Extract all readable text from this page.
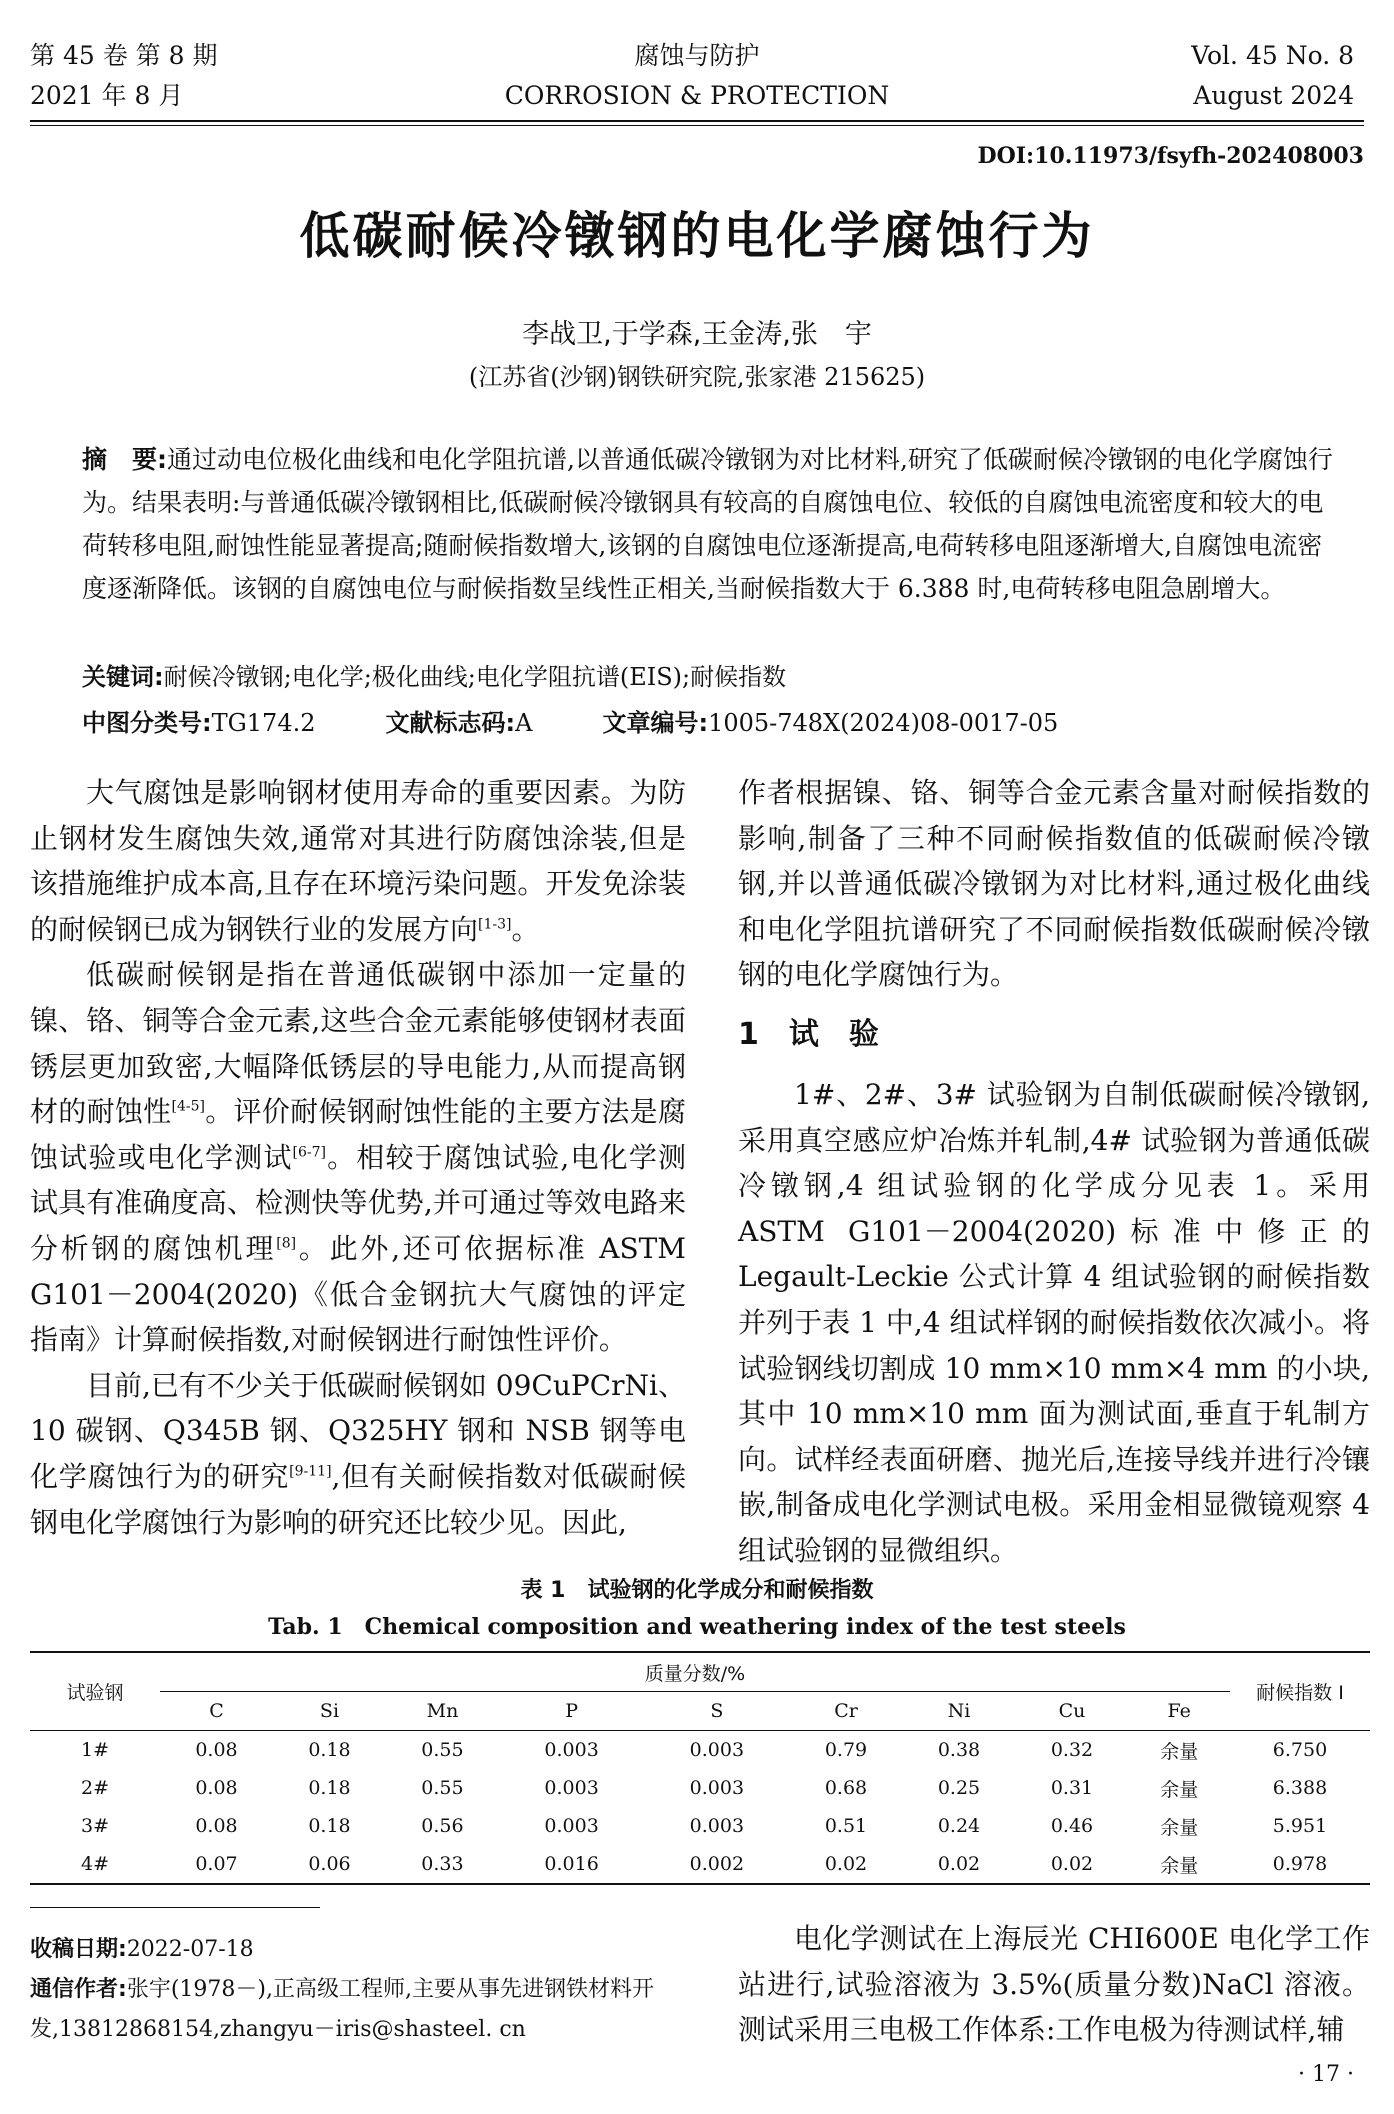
第 45 卷 第 8 期
2021 年 8 月
腐蚀与防护
CORROSION & PROTECTION
Vol. 45 No. 8
August 2024
DOI:10.11973/fsyfh-202408003
低碳耐候冷镦钢的电化学腐蚀行为
李战卫,于学森,王金涛,张　宇
(江苏省(沙钢)钢铁研究院,张家港 215625)
摘　要:通过动电位极化曲线和电化学阻抗谱,以普通低碳冷镦钢为对比材料,研究了低碳耐候冷镦钢的电化学腐蚀行为。结果表明:与普通低碳冷镦钢相比,低碳耐候冷镦钢具有较高的自腐蚀电位、较低的自腐蚀电流密度和较大的电荷转移电阻,耐蚀性能显著提高;随耐候指数增大,该钢的自腐蚀电位逐渐提高,电荷转移电阻逐渐增大,自腐蚀电流密度逐渐降低。该钢的自腐蚀电位与耐候指数呈线性正相关,当耐候指数大于 6.388 时,电荷转移电阻急剧增大。
关键词:耐候冷镦钢;电化学;极化曲线;电化学阻抗谱(EIS);耐候指数
中图分类号:TG174.2	文献标志码:A	文章编号:1005-748X(2024)08-0017-05

大气腐蚀是影响钢材使用寿命的重要因素。为防止钢材发生腐蚀失效,通常对其进行防腐蚀涂装,但是该措施维护成本高,且存在环境污染问题。开发免涂装的耐候钢已成为钢铁行业的发展方向[1-3]。

低碳耐候钢是指在普通低碳钢中添加一定量的镍、铬、铜等合金元素,这些合金元素能够使钢材表面锈层更加致密,大幅降低锈层的导电能力,从而提高钢材的耐蚀性[4-5]。评价耐候钢耐蚀性能的主要方法是腐蚀试验或电化学测试[6-7]。相较于腐蚀试验,电化学测试具有准确度高、检测快等优势,并可通过等效电路来分析钢的腐蚀机理[8]。此外,还可依据标准 ASTM G101－2004(2020)《低合金钢抗大气腐蚀的评定指南》计算耐候指数,对耐候钢进行耐蚀性评价。

目前,已有不少关于低碳耐候钢如 09CuPCrNi、10 碳钢、Q345B 钢、Q325HY 钢和 NSB 钢等电化学腐蚀行为的研究[9-11],但有关耐候指数对低碳耐候钢电化学腐蚀行为影响的研究还比较少见。因此,

作者根据镍、铬、铜等合金元素含量对耐候指数的影响,制备了三种不同耐候指数值的低碳耐候冷镦钢,并以普通低碳冷镦钢为对比材料,通过极化曲线和电化学阻抗谱研究了不同耐候指数低碳耐候冷镦钢的电化学腐蚀行为。

1　试　验

1#、2#、3# 试验钢为自制低碳耐候冷镦钢,采用真空感应炉冶炼并轧制,4# 试验钢为普通低碳冷镦钢,4 组试验钢的化学成分见表 1。采用 ASTM G101－2004(2020)标准中修正的 Legault-Leckie 公式计算 4 组试验钢的耐候指数并列于表 1 中,4 组试样钢的耐候指数依次减小。将试验钢线切割成 10 mm×10 mm×4 mm 的小块,其中 10 mm×10 mm 面为测试面,垂直于轧制方向。试样经表面研磨、抛光后,连接导线并进行冷镶嵌,制备成电化学测试电极。采用金相显微镜观察 4 组试验钢的显微组织。

表 1　试验钢的化学成分和耐候指数
Tab. 1　Chemical composition and weathering index of the test steels
试验钢	质量分数/%									耐候指数 I
	C	Si	Mn	P	S	Cr	Ni	Cu	Fe	
1#	0.08	0.18	0.55	0.003	0.003	0.79	0.38	0.32	余量	6.750
2#	0.08	0.18	0.55	0.003	0.003	0.68	0.25	0.31	余量	6.388
3#	0.08	0.18	0.56	0.003	0.003	0.51	0.24	0.46	余量	5.951
4#	0.07	0.06	0.33	0.016	0.002	0.02	0.02	0.02	余量	0.978
收稿日期:2022-07-18
通信作者:张宇(1978－),正高级工程师,主要从事先进钢铁材料开发,13812868154,zhangyu－iris@shasteel. cn

电化学测试在上海辰光 CHI600E 电化学工作站进行,试验溶液为 3.5%(质量分数)NaCl 溶液。测试采用三电极工作体系:工作电极为待测试样,辅

· 17 ·
